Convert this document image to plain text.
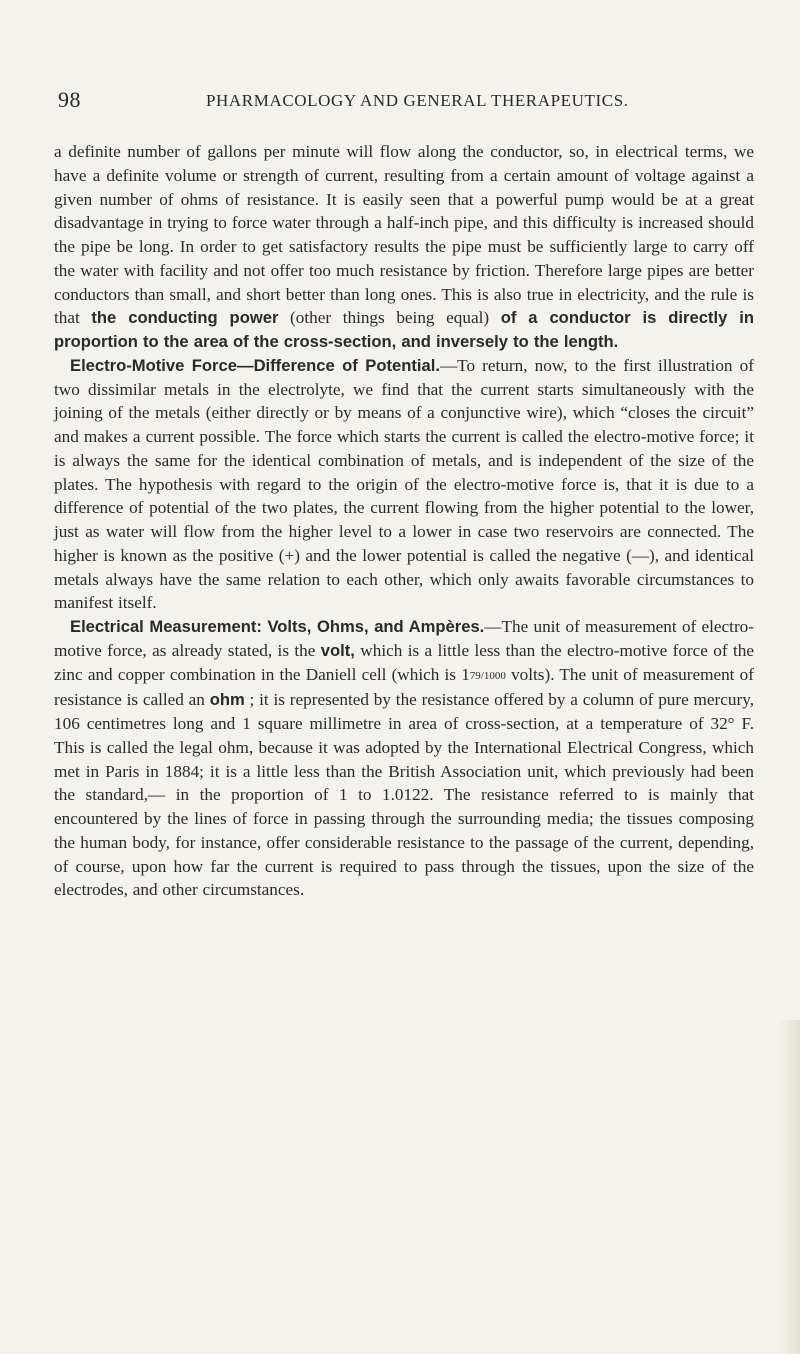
98	PHARMACOLOGY AND GENERAL THERAPEUTICS.

a definite number of gallons per minute will flow along the conductor, so, in electrical terms, we have a definite volume or strength of current, resulting from a certain amount of voltage against a given number of ohms of resistance. It is easily seen that a powerful pump would be at a great disadvantage in trying to force water through a half-inch pipe, and this difficulty is increased should the pipe be long. In order to get satisfactory results the pipe must be sufficiently large to carry off the water with facility and not offer too much resistance by friction. Therefore large pipes are better conductors than small, and short better than long ones. This is also true in electricity, and the rule is that the conducting power (other things being equal) of a conductor is directly in proportion to the area of the cross-section, and inversely to the length.

Electro-Motive Force—Difference of Potential.—To return, now, to the first illustration of two dissimilar metals in the electrolyte, we find that the current starts simultaneously with the joining of the metals (either directly or by means of a conjunctive wire), which “closes the circuit” and makes a current possible. The force which starts the current is called the electro-motive force; it is always the same for the identical combination of metals, and is independent of the size of the plates. The hypothesis with regard to the origin of the electro-motive force is, that it is due to a difference of potential of the two plates, the current flowing from the higher potential to the lower, just as water will flow from the higher level to a lower in case two reservoirs are connected. The higher is known as the positive (+) and the lower potential is called the negative (—), and identical metals always have the same relation to each other, which only awaits favorable circumstances to manifest itself.

Electrical Measurement: Volts, Ohms, and Ampères.—The unit of measurement of electro-motive force, as already stated, is the volt, which is a little less than the electro-motive force of the zinc and copper combination in the Daniell cell (which is 179/1000 volts). The unit of measurement of resistance is called an ohm ; it is represented by the resistance offered by a column of pure mercury, 106 centimetres long and 1 square millimetre in area of cross-section, at a temperature of 32° F. This is called the legal ohm, because it was adopted by the International Electrical Congress, which met in Paris in 1884; it is a little less than the British Association unit, which previously had been the standard,— in the proportion of 1 to 1.0122. The resistance referred to is mainly that encountered by the lines of force in passing through the surrounding media; the tissues composing the human body, for instance, offer considerable resistance to the passage of the current, depending, of course, upon how far the current is required to pass through the tissues, upon the size of the electrodes, and other circumstances.
